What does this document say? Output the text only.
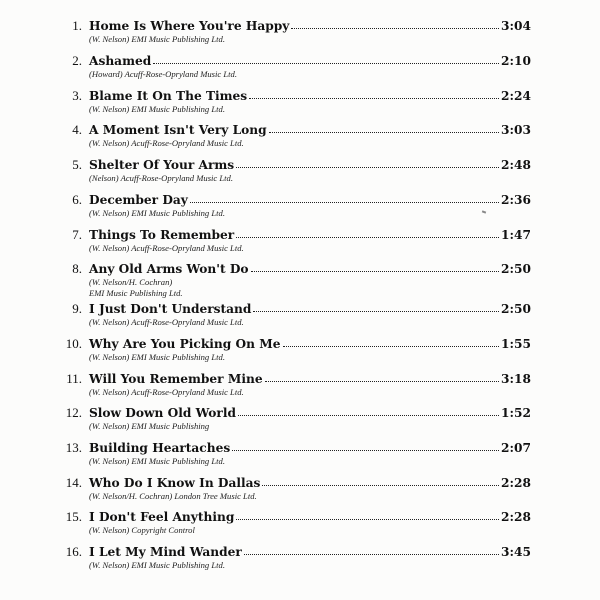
1. Home Is Where You're Happy	3:04
(W. Nelson) EMI Music Publishing Ltd.
2. Ashamed	2:10
(Howard) Acuff-Rose-Opryland Music Ltd.
3. Blame It On The Times	2:24
(W. Nelson) EMI Music Publishing Ltd.
4. A Moment Isn't Very Long	3:03
(W. Nelson) Acuff-Rose-Opryland Music Ltd.
5. Shelter Of Your Arms	2:48
(Nelson) Acuff-Rose-Opryland Music Ltd.
6. December Day	2:36
(W. Nelson) EMI Music Publishing Ltd.
7. Things To Remember	1:47
(W. Nelson) Acuff-Rose-Opryland Music Ltd.
8. Any Old Arms Won't Do	2:50
(W. Nelson/H. Cochran)
EMI Music Publishing Ltd.
9. I Just Don't Understand	2:50
(W. Nelson) Acuff-Rose-Opryland Music Ltd.
10. Why Are You Picking On Me	1:55
(W. Nelson) EMI Music Publishing Ltd.
11. Will You Remember Mine	3:18
(W. Nelson) Acuff-Rose-Opryland Music Ltd.
12. Slow Down Old World	1:52
(W. Nelson) EMI Music Publishing
13. Building Heartaches	2:07
(W. Nelson) EMI Music Publishing Ltd.
14. Who Do I Know In Dallas	2:28
(W. Nelson/H. Cochran) London Tree Music Ltd.
15. I Don't Feel Anything	2:28
(W. Nelson) Copyright Control
16. I Let My Mind Wander	3:45
(W. Nelson) EMI Music Publishing Ltd.
